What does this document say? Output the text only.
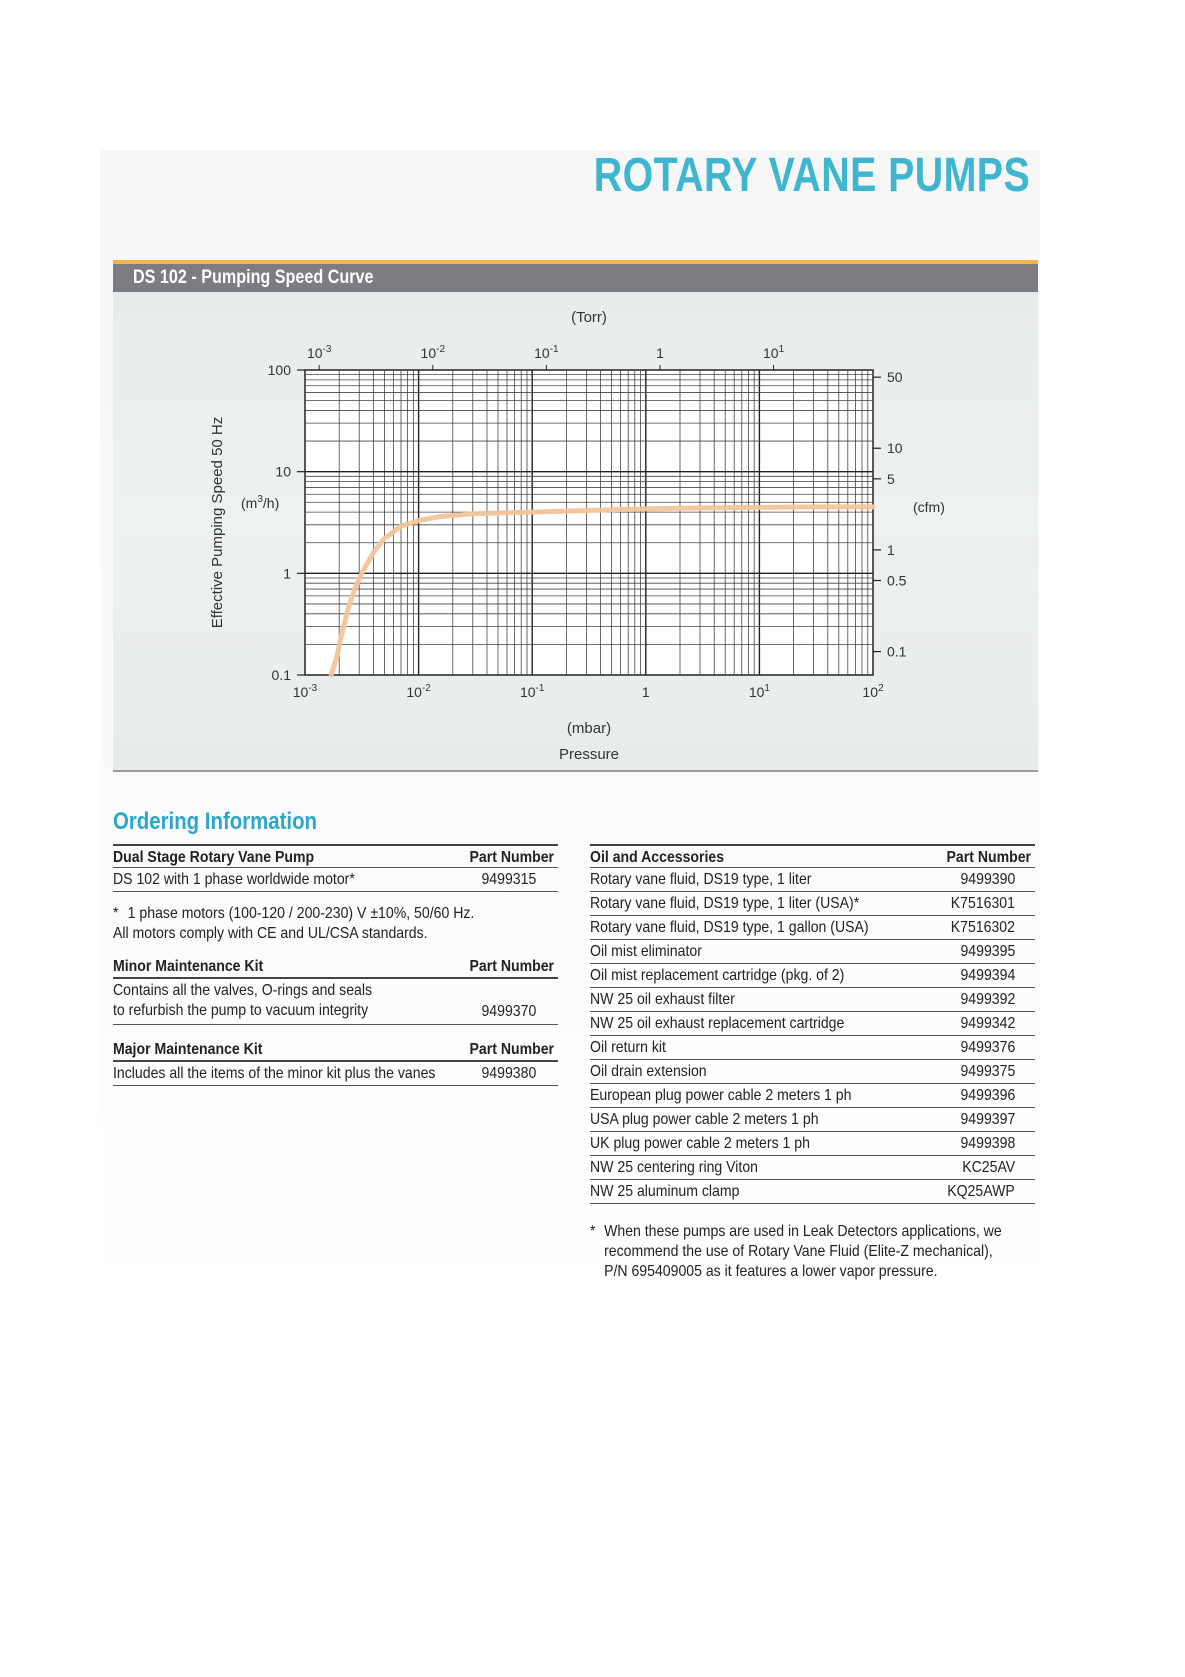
ROTARY VANE PUMPS
DS 102 - Pumping Speed Curve
$10^{-3}$	$10^{-2}$	$10^{-1}$	1	$10^1$	$10^2$
$10^{-3}$	$10^{-2}$	$10^{-1}$	1	$10^1$
0.1
1
10
100
0.1
0.5
1
5
10
50
(Torr)
(mbar)
Pressure
Effective Pumping Speed 50 Hz $(m^3/h)$	(cfm)
Ordering Information
Dual Stage Rotary Vane Pump	Part Number
DS 102 with 1 phase worldwide motor*	9499315
* 1 phase motors (100-120 / 200-230) V ±10%, 50/60 Hz.
All motors comply with CE and UL/CSA standards.
Minor Maintenance Kit	Part Number
Contains all the valves, O-rings and seals
to refurbish the pump to vacuum integrity	9499370
Major Maintenance Kit	Part Number
Includes all the items of the minor kit plus the vanes	9499380
Oil and Accessories	Part Number
Rotary vane fluid, DS19 type, 1 liter	9499390
Rotary vane fluid, DS19 type, 1 liter (USA)*	K7516301
Rotary vane fluid, DS19 type, 1 gallon (USA)	K7516302
Oil mist eliminator	9499395
Oil mist replacement cartridge (pkg. of 2)	9499394
NW 25 oil exhaust filter	9499392
NW 25 oil exhaust replacement cartridge	9499342
Oil return kit	9499376
Oil drain extension	9499375
European plug power cable 2 meters 1 ph	9499396
USA plug power cable 2 meters 1 ph	9499397
UK plug power cable 2 meters 1 ph	9499398
NW 25 centering ring Viton	KC25AV
NW 25 aluminum clamp	KQ25AWP
* When these pumps are used in Leak Detectors applications, we
recommend the use of Rotary Vane Fluid (Elite-Z mechanical),
P/N 695409005 as it features a lower vapor pressure.
